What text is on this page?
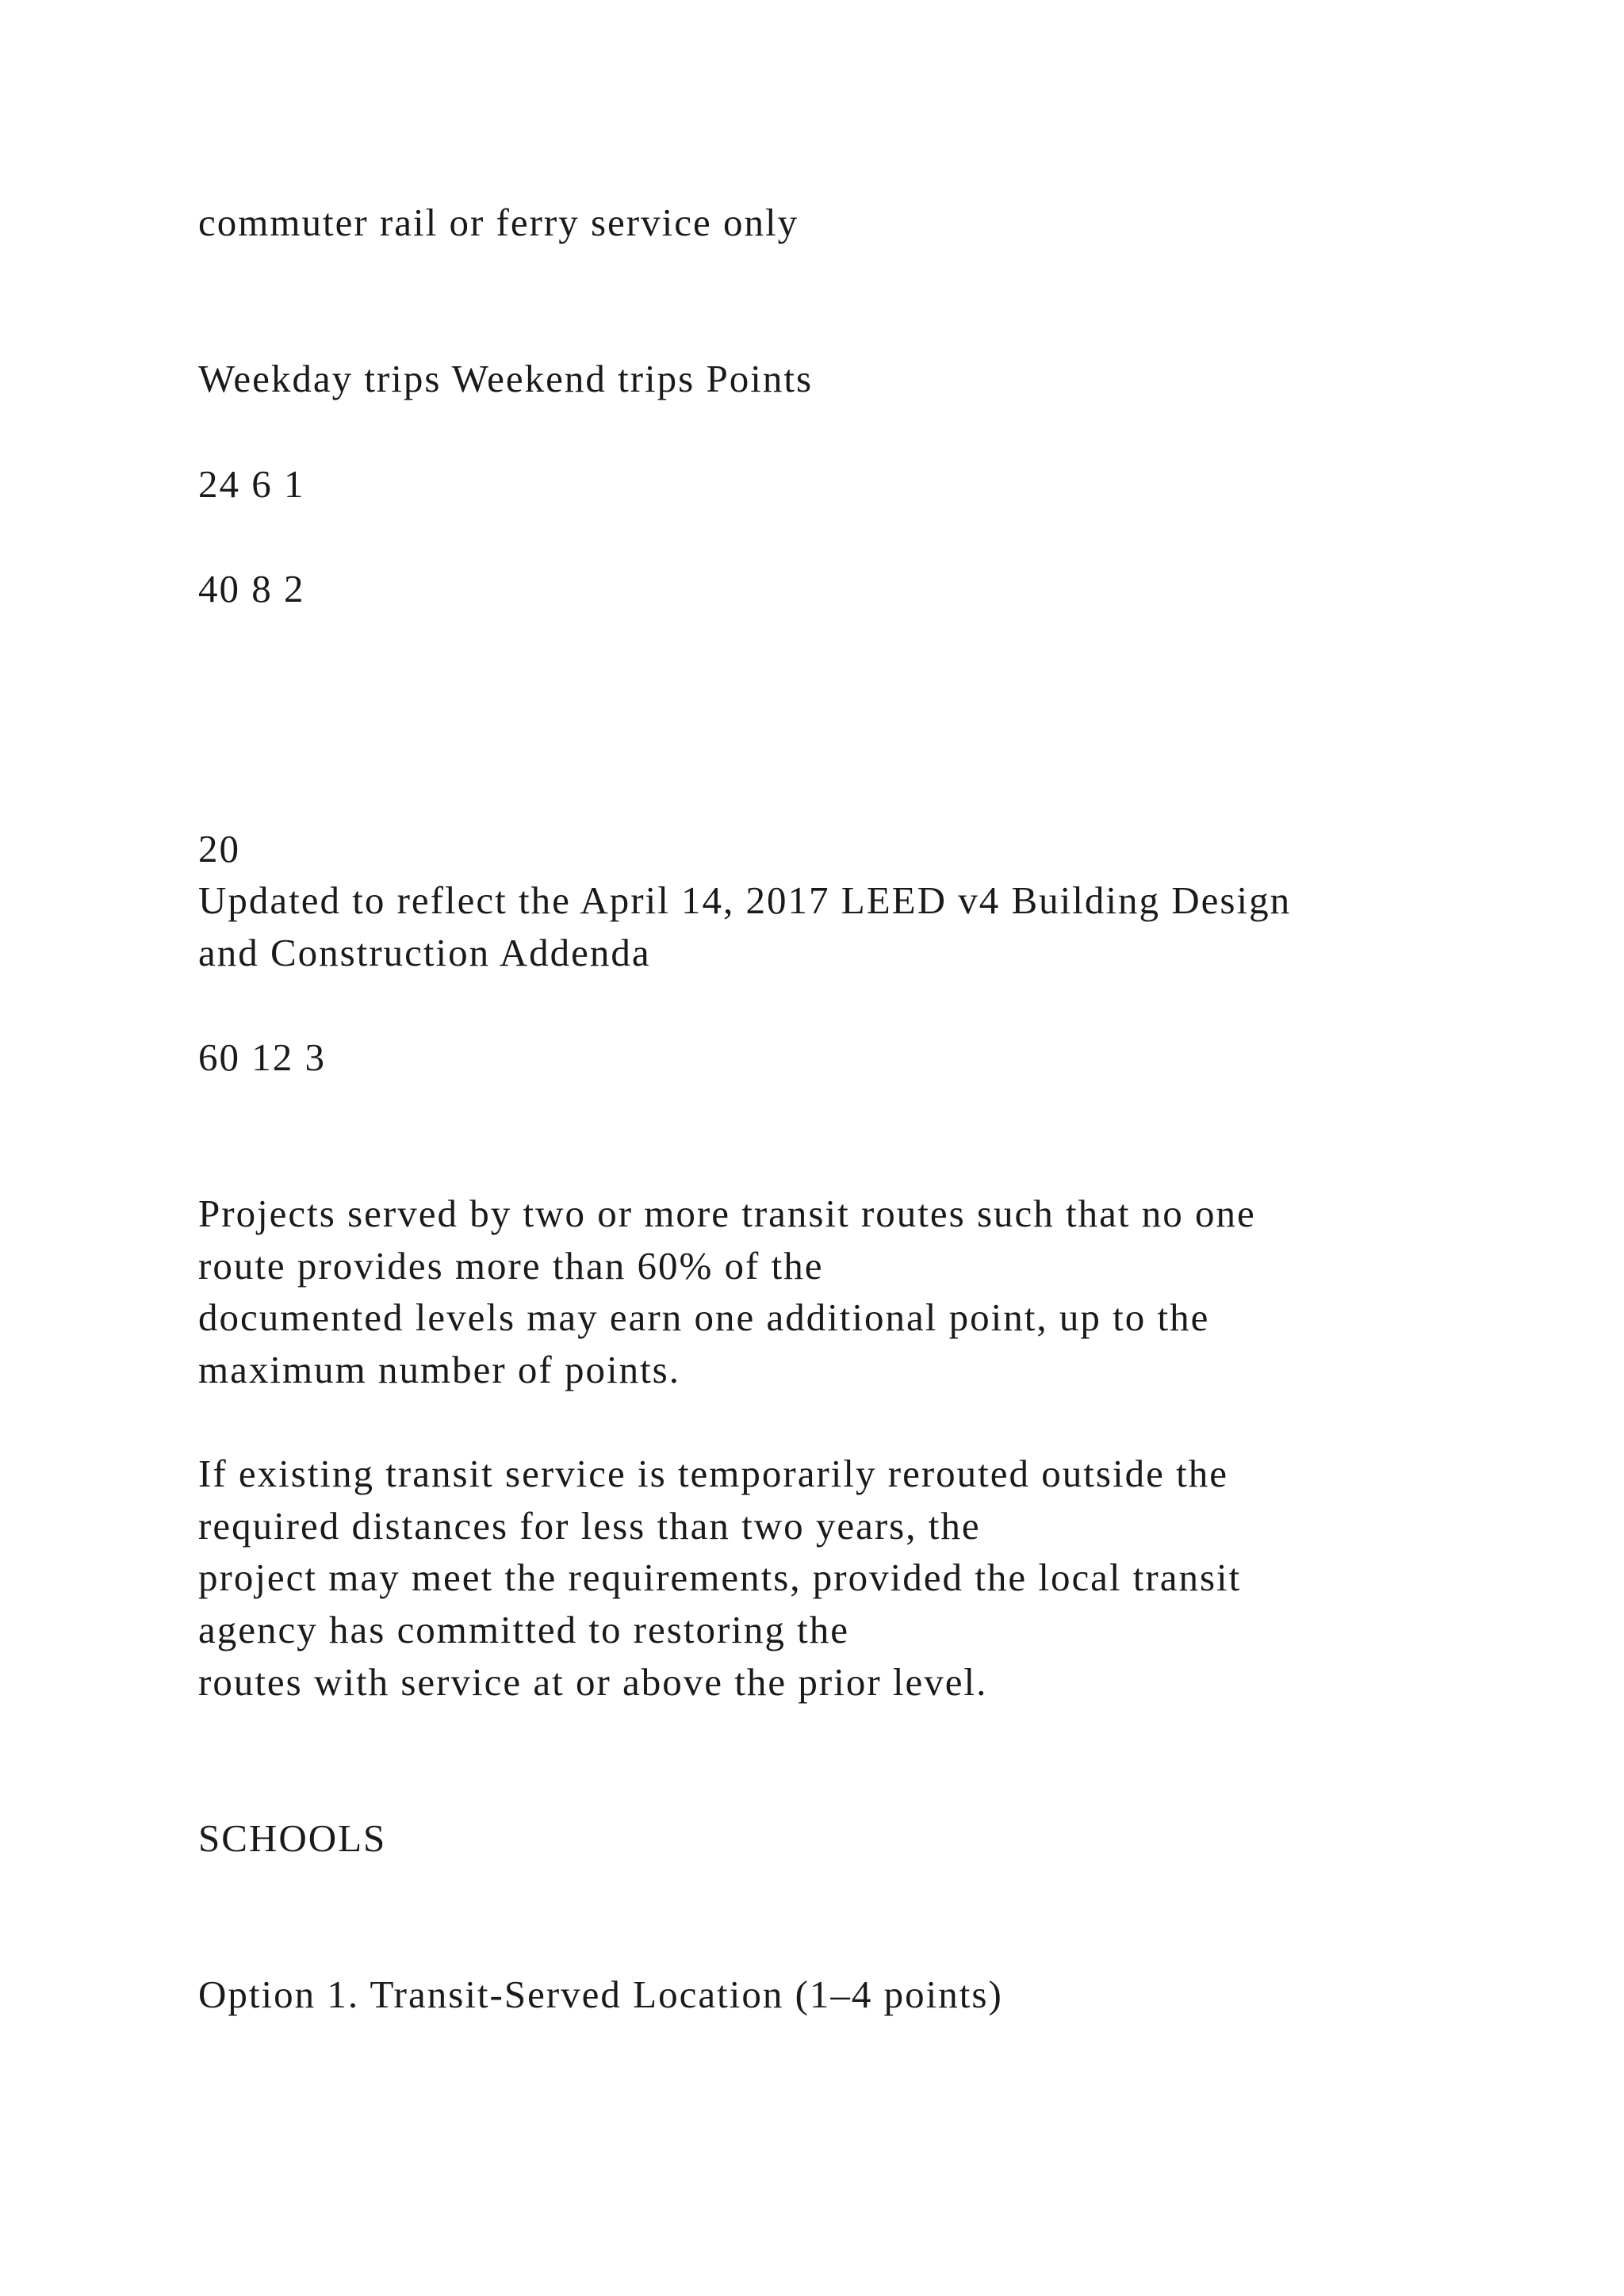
commuter rail or ferry service only
Weekday trips Weekend trips Points
24 6 1
40 8 2
20
Updated to reflect the April 14, 2017 LEED v4 Building Design
and Construction Addenda
60 12 3
Projects served by two or more transit routes such that no one
route provides more than 60% of the
documented levels may earn one additional point, up to the
maximum number of points.
If existing transit service is temporarily rerouted outside the
required distances for less than two years, the
project may meet the requirements, provided the local transit
agency has committed to restoring the
routes with service at or above the prior level.
SCHOOLS
Option 1. Transit-Served Location (1–4 points)
